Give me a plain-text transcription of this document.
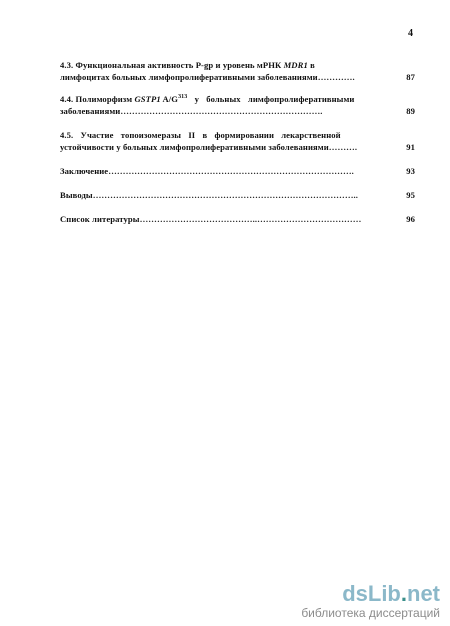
4
4.3. Функциональная активность P-gp и уровень мРНК MDR1 в
лимфоцитах больных лимфопролиферативными заболеваниями………….	87
4.4. Полиморфизм GSTP1 $A/G^{313}$ у больных лимфопролиферативными
заболеваниями…………………………………………………………….	89
4.5. Участие топоизомеразы II в формировании лекарственной
устойчивости у больных лимфопролиферативными заболеваниями……….	91
Заключение………………………………………………………………………….	93
Выводы………………………………………………………………………………..	95
Список литературы…………………………………..………………………………	96
dsLib.net
библиотека диссертаций
